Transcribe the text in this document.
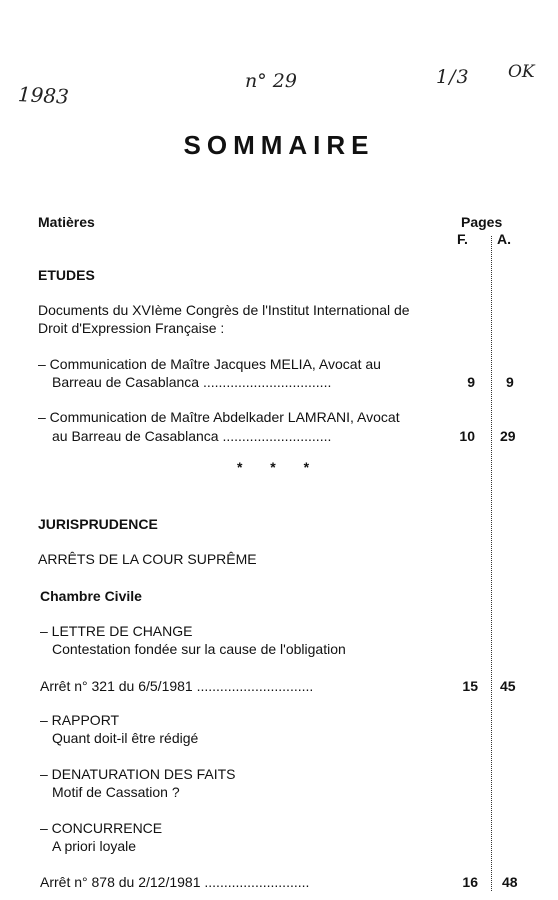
1983
n° 29	1/3 OK
SOMMAIRE
Matières	Pages
F. A.
ETUDES
Documents du XVIème Congrès de l'Institut International de
Droit d'Expression Française :
– Communication de Maître Jacques MELIA, Avocat au
Barreau de Casablanca .................................	9 9
– Communication de Maître Abdelkader LAMRANI, Avocat
au Barreau de Casablanca ............................	10 29
* * *
JURISPRUDENCE
ARRÊTS DE LA COUR SUPRÊME
Chambre Civile
– LETTRE DE CHANGE
Contestation fondée sur la cause de l'obligation
Arrêt n° 321 du 6/5/1981 ..............................	15 45
– RAPPORT
Quant doit-il être rédigé
– DENATURATION DES FAITS
Motif de Cassation ?
– CONCURRENCE
A priori loyale
Arrêt n° 878 du 2/12/1981 ...........................	16 48
